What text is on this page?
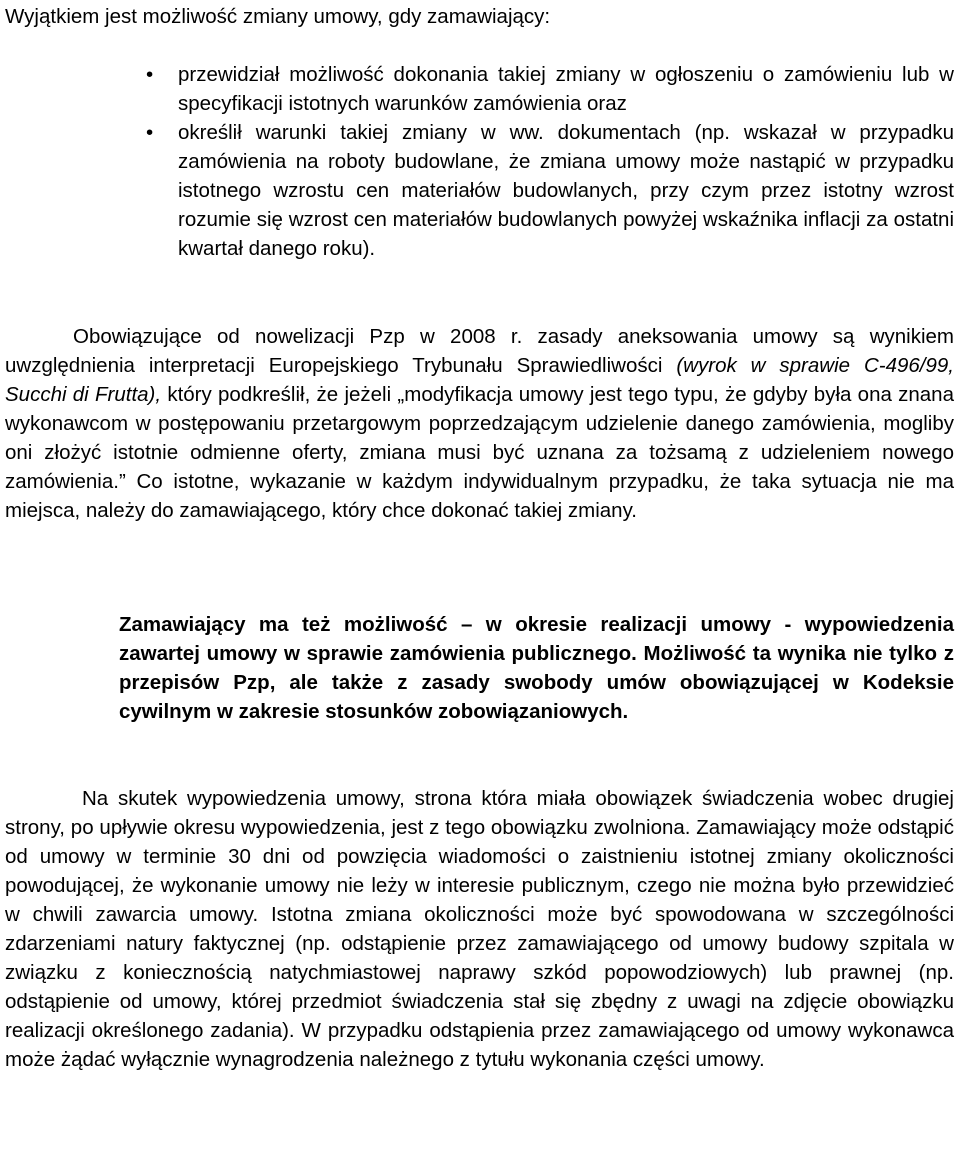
Wyjątkiem jest możliwość zmiany umowy, gdy zamawiający:

• przewidział możliwość dokonania takiej zmiany w ogłoszeniu o zamówieniu lub w specyfikacji istotnych warunków zamówienia oraz
• określił warunki takiej zmiany w ww. dokumentach (np. wskazał w przypadku zamówienia na roboty budowlane, że zmiana umowy może nastąpić w przypadku istotnego wzrostu cen materiałów budowlanych, przy czym przez istotny wzrost rozumie się wzrost cen materiałów budowlanych powyżej wskaźnika inflacji za ostatni kwartał danego roku).

Obowiązujące od nowelizacji Pzp w 2008 r. zasady aneksowania umowy są wynikiem uwzględnienia interpretacji Europejskiego Trybunału Sprawiedliwości (wyrok w sprawie C-496/99, Succhi di Frutta), który podkreślił, że jeżeli „modyfikacja umowy jest tego typu, że gdyby była ona znana wykonawcom w postępowaniu przetargowym poprzedzającym udzielenie danego zamówienia, mogliby oni złożyć istotnie odmienne oferty, zmiana musi być uznana za tożsamą z udzieleniem nowego zamówienia.” Co istotne, wykazanie w każdym indywidualnym przypadku, że taka sytuacja nie ma miejsca, należy do zamawiającego, który chce dokonać takiej zmiany.

Zamawiający ma też możliwość – w okresie realizacji umowy - wypowiedzenia zawartej umowy w sprawie zamówienia publicznego. Możliwość ta wynika nie tylko z przepisów Pzp, ale także z zasady swobody umów obowiązującej w Kodeksie cywilnym w zakresie stosunków zobowiązaniowych.

Na skutek wypowiedzenia umowy, strona która miała obowiązek świadczenia wobec drugiej strony, po upływie okresu wypowiedzenia, jest z tego obowiązku zwolniona. Zamawiający może odstąpić od umowy w terminie 30 dni od powzięcia wiadomości o zaistnieniu istotnej zmiany okoliczności powodującej, że wykonanie umowy nie leży w interesie publicznym, czego nie można było przewidzieć w chwili zawarcia umowy. Istotna zmiana okoliczności może być spowodowana w szczególności zdarzeniami natury faktycznej (np. odstąpienie przez zamawiającego od umowy budowy szpitala w związku z koniecznością natychmiastowej naprawy szkód popowodziowych) lub prawnej (np. odstąpienie od umowy, której przedmiot świadczenia stał się zbędny z uwagi na zdjęcie obowiązku realizacji określonego zadania). W przypadku odstąpienia przez zamawiającego od umowy wykonawca może żądać wyłącznie wynagrodzenia należnego z tytułu wykonania części umowy.
